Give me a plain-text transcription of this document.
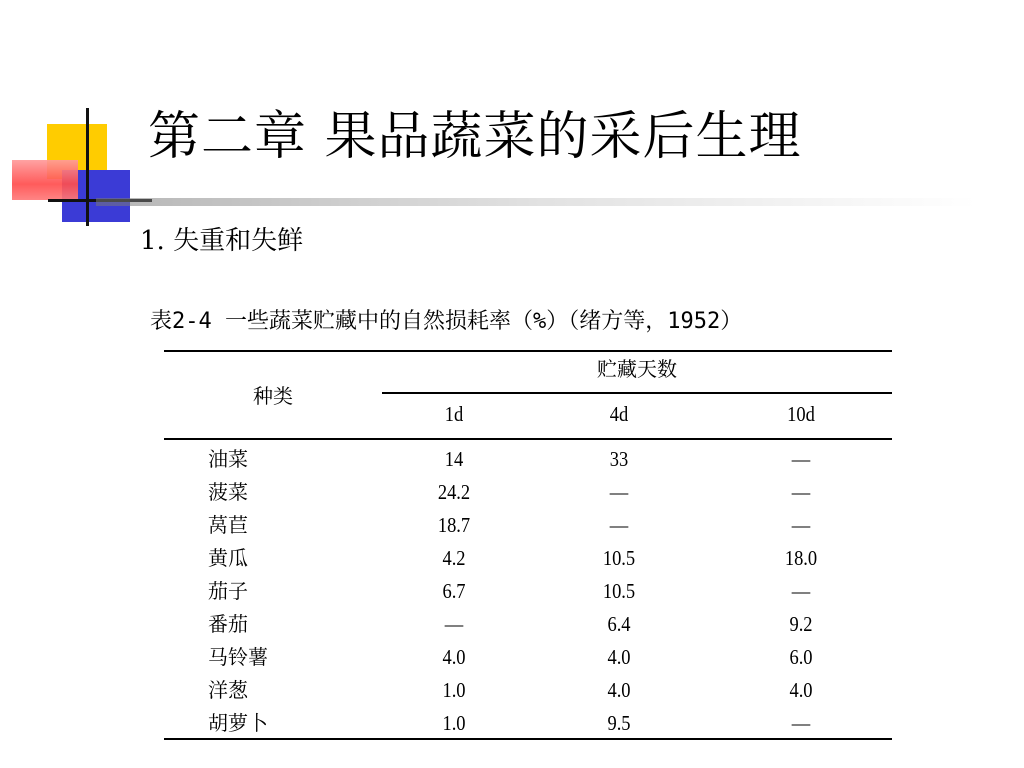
第二章 果品蔬菜的采后生理
1. 失重和失鲜
表2-4 一些蔬菜贮藏中的自然损耗率（%）（绪方等，1952）
种类
贮藏天数
1d	4d	10d
油菜	14	33	—
菠菜	24.2	—	—
莴苣	18.7	—	—
黄瓜	4.2	10.5	18.0
茄子	6.7	10.5	—
番茄	—	6.4	9.2
马铃薯	4.0	4.0	6.0
洋葱	1.0	4.0	4.0
胡萝卜	1.0	9.5	—
